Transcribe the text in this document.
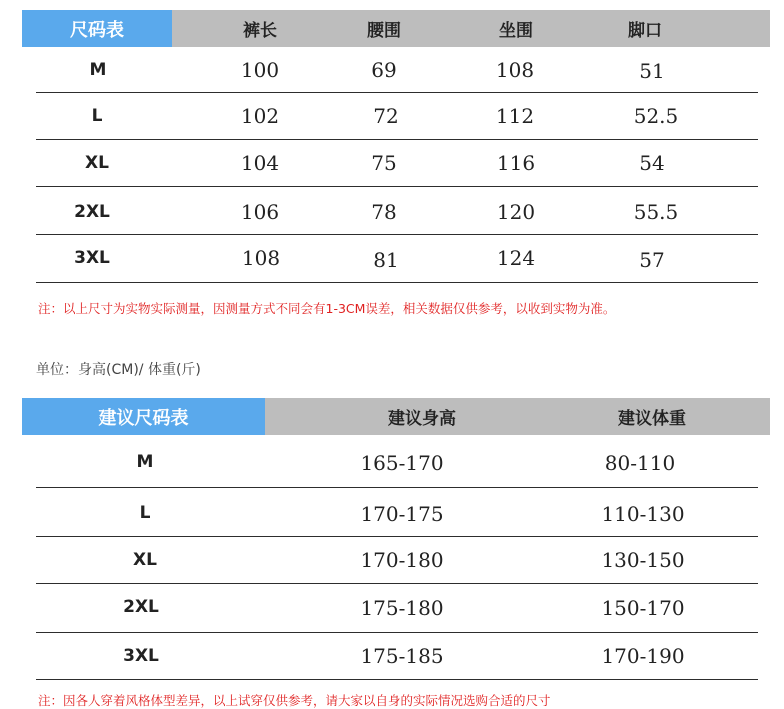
尺码表	裤长	腰围	坐围	脚口
M	100	69	108	51
L	102	72	112	52.5
XL	104	75	116	54
2XL	106	78	120	55.5
3XL	108	81	124	57
注：以上尺寸为实物实际测量，因测量方式不同会有1-3CM误差，相关数据仅供参考，以收到实物为准。
单位：身高(CM)/ 体重(斤)
建议尺码表	建议身高	建议体重
M	165-170	80-110
L	170-175	110-130
XL	170-180	130-150
2XL	175-180	150-170
3XL	175-185	170-190
注：因各人穿着风格体型差异，以上试穿仅供参考，请大家以自身的实际情况选购合适的尺寸
